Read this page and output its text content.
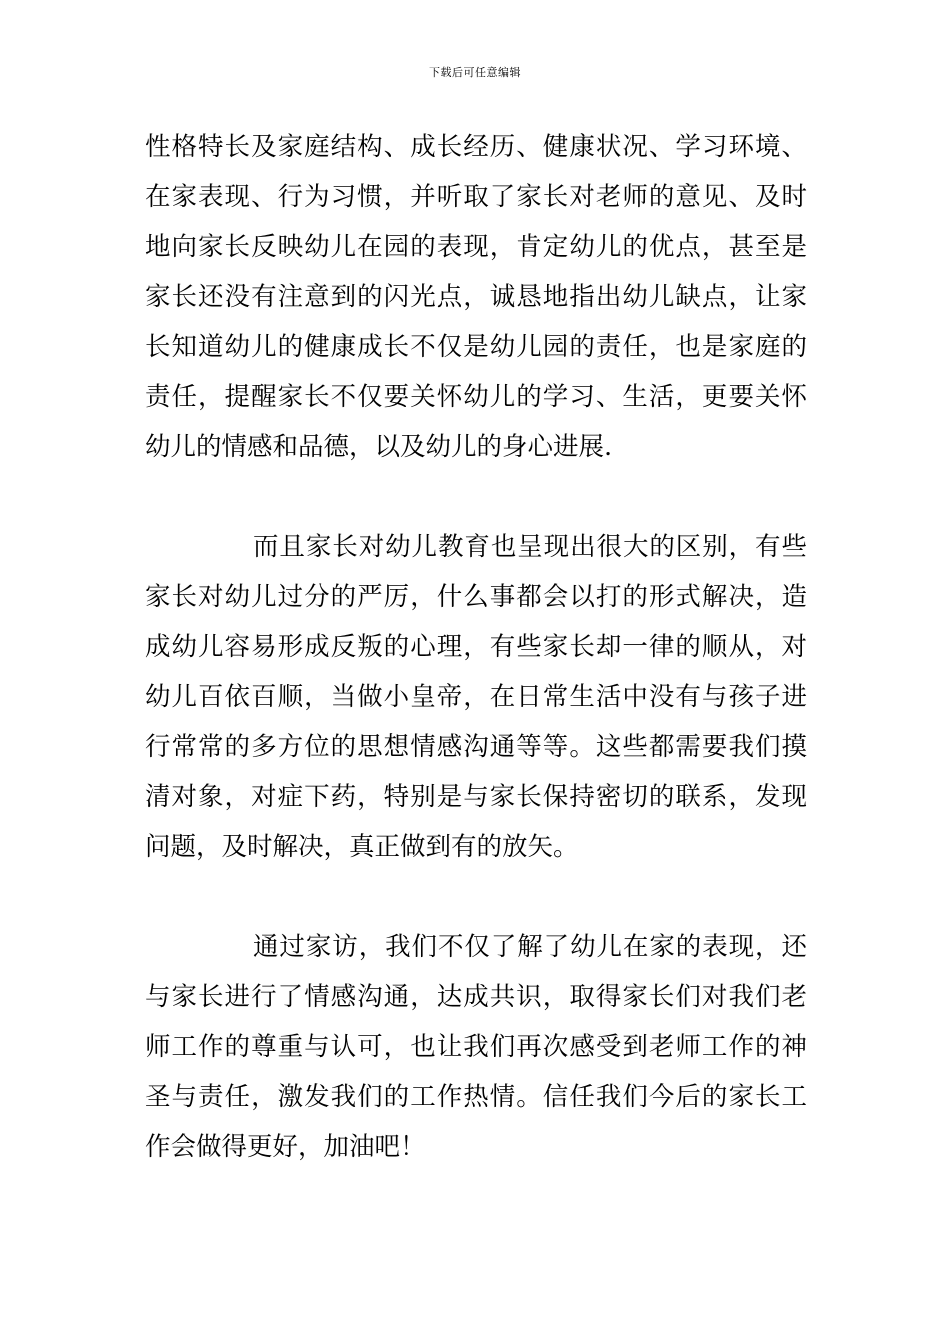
下载后可任意编辑
性格特长及家庭结构、成长经历、健康状况、学习环境、
在家表现、行为习惯，并听取了家长对老师的意见、及时
地向家长反映幼儿在园的表现，肯定幼儿的优点，甚至是
家长还没有注意到的闪光点，诚恳地指出幼儿缺点，让家
长知道幼儿的健康成长不仅是幼儿园的责任，也是家庭的
责任，提醒家长不仅要关怀幼儿的学习、生活，更要关怀
幼儿的情感和品德，以及幼儿的身心进展.
而且家长对幼儿教育也呈现出很大的区别，有些
家长对幼儿过分的严厉，什么事都会以打的形式解决，造
成幼儿容易形成反叛的心理，有些家长却一律的顺从，对
幼儿百依百顺，当做小皇帝，在日常生活中没有与孩子进
行常常的多方位的思想情感沟通等等。这些都需要我们摸
清对象，对症下药，特别是与家长保持密切的联系，发现
问题，及时解决，真正做到有的放矢。
通过家访，我们不仅了解了幼儿在家的表现，还
与家长进行了情感沟通，达成共识，取得家长们对我们老
师工作的尊重与认可，也让我们再次感受到老师工作的神
圣与责任，激发我们的工作热情。信任我们今后的家长工
作会做得更好，加油吧！
